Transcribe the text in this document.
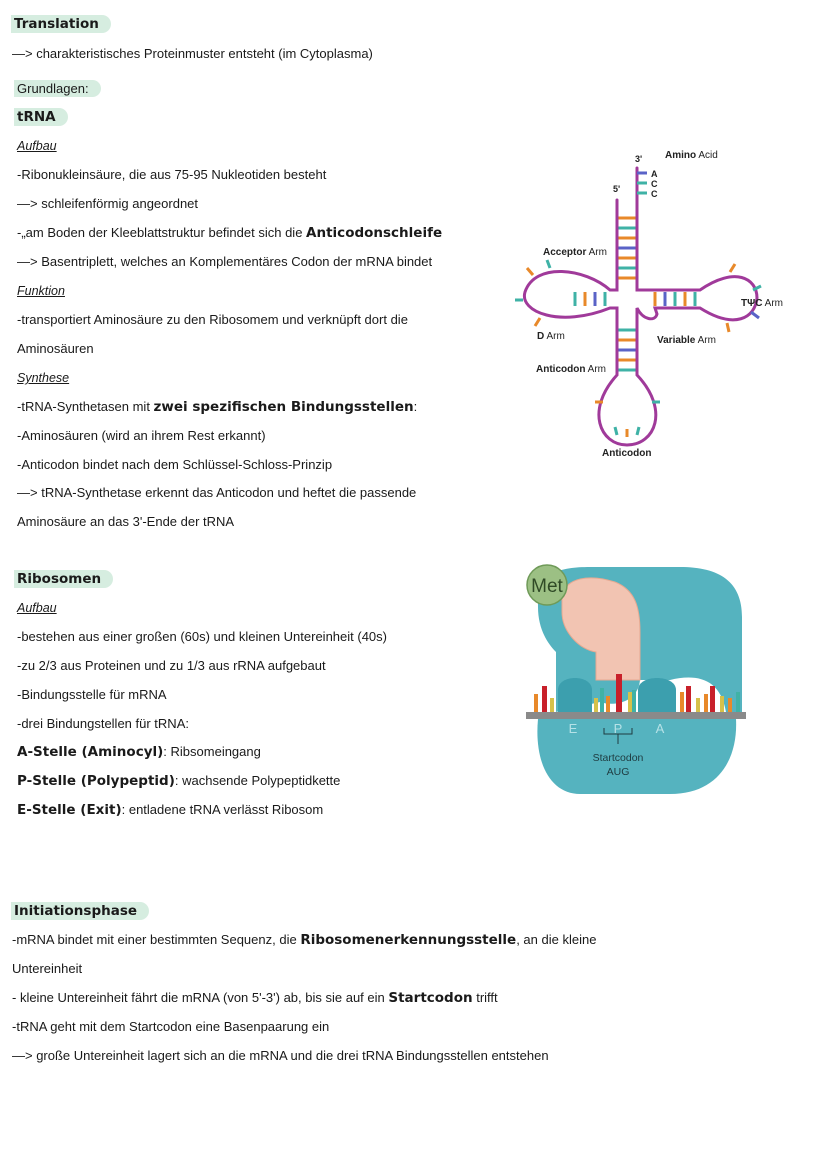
Translation
—> charakteristisches Proteinmuster entsteht (im Cytoplasma)
Grundlagen:
tRNA
Aufbau
-Ribonukleinsäure, die aus 75-95 Nukleotiden besteht
—> schleifenförmig angeordnet
-„am Boden der Kleeblattstruktur befindet sich die Anticodonschleife
—> Basentriplett, welches an Komplementäres Codon der mRNA bindet
Funktion
-transportiert Aminosäure zu den Ribosomem und verknüpft dort die
Aminosäuren
Synthese
-tRNA-Synthetasen mit zwei spezifischen Bindungsstellen:
-Aminosäuren (wird an ihrem Rest erkannt)
-Anticodon bindet nach dem Schlüssel-Schloss-Prinzip
—> tRNA-Synthetase erkennt das Anticodon und heftet die passende
Aminosäure an das 3'-Ende der tRNA
3'
5'
Amino Acid
A
C
C
Acceptor Arm
TΨC Arm
D Arm	Variable Arm
Anticodon Arm
Anticodon
Ribosomen
Aufbau
-bestehen aus einer großen (60s) und kleinen Untereinheit (40s)
-zu 2/3 aus Proteinen und zu 1/3 aus rRNA aufgebaut
-Bindungsstelle für mRNA
-drei Bindungstellen für tRNA:
A-Stelle (Aminocyl): Ribsomeingang
P-Stelle (Polypeptid): wachsende Polypeptidkette
E-Stelle (Exit): entladene tRNA verlässt Ribosom
Met
E	P	A
Startcodon
AUG
Initiationsphase
-mRNA bindet mit einer bestimmten Sequenz, die Ribosomenerkennungsstelle, an die kleine
Untereinheit
- kleine Untereinheit fährt die mRNA (von 5'-3') ab, bis sie auf ein Startcodon trifft
-tRNA geht mit dem Startcodon eine Basenpaarung ein
—> große Untereinheit lagert sich an die mRNA und die drei tRNA Bindungsstellen entstehen
